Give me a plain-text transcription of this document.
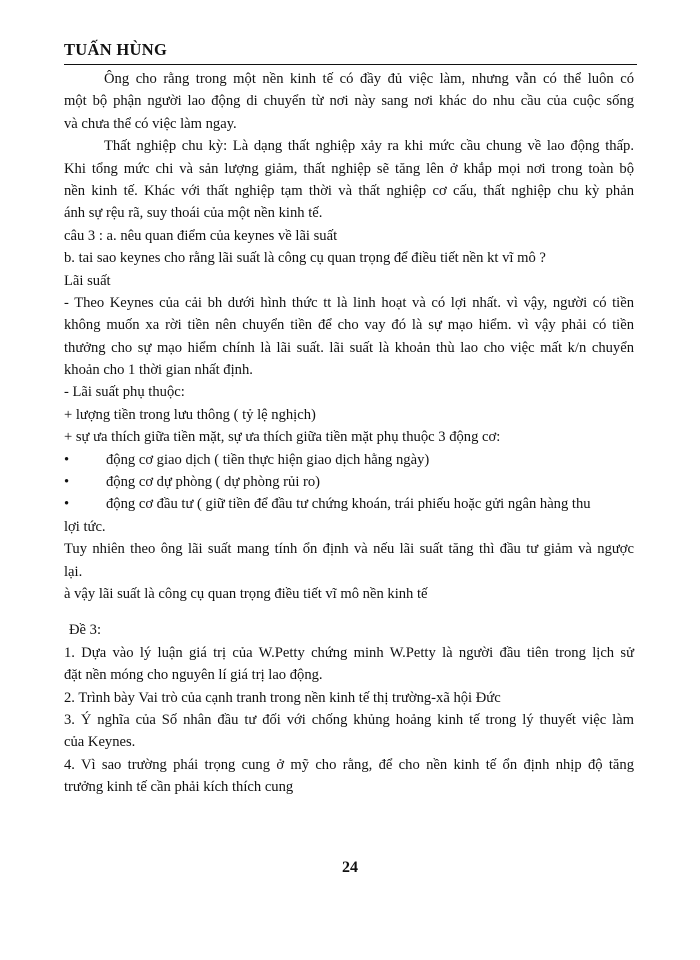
TUẤN HÙNG
Ông cho rằng trong một nền kinh tế có đầy đủ việc làm, nhưng vẫn có thể luôn có
một bộ phận người lao động di chuyển từ nơi này sang nơi khác do nhu cầu của cuộc sống
và chưa thể có việc làm ngay.
Thất nghiệp chu kỳ: Là dạng thất nghiệp xảy ra khi mức cầu chung về lao động thấp.
Khi tổng mức chi và sản lượng giảm, thất nghiệp sẽ tăng lên ở khắp mọi nơi trong toàn bộ
nền kinh tế. Khác với thất nghiệp tạm thời và thất nghiệp cơ cấu, thất nghiệp chu kỳ phản
ánh sự rệu rã, suy thoái của một nền kinh tế.
câu 3 : a. nêu quan điểm của keynes về lãi suất
b. tai sao keynes cho rằng lãi suất là công cụ quan trọng để điều tiết nền kt vĩ mô ?
Lãi suất
- Theo Keynes của cải bh dưới hình thức tt là linh hoạt và có lợi nhất. vì vậy, người có tiền
không muốn xa rời tiền nên chuyển tiền để cho vay đó là sự mạo hiểm. vì vậy phải có tiền
thưởng cho sự mạo hiểm chính là lãi suất. lãi suất là khoản thù lao cho việc mất k/n chuyển
khoản cho 1 thời gian nhất định.
- Lãi suất phụ thuộc:
+ lượng tiền trong lưu thông ( tỷ lệ nghịch)
+ sự ưa thích giữa tiền mặt, sự ưa thích giữa tiền mặt phụ thuộc 3 động cơ:
•	động cơ giao dịch ( tiền thực hiện giao dịch hằng ngày)
•	động cơ dự phòng ( dự phòng rủi ro)
•	động cơ đầu tư ( giữ tiền để đầu tư chứng khoán, trái phiếu hoặc gửi ngân hàng thu
lợi tức.
Tuy nhiên theo ông lãi suất mang tính ổn định và nếu lãi suất tăng thì đầu tư giảm và ngược
lại.
à vậy lãi suất là công cụ quan trọng điều tiết vĩ mô nền kinh tế
Đề 3:
1. Dựa vào lý luận giá trị của W.Petty chứng minh W.Petty là người đầu tiên trong lịch sử
đặt nền móng cho nguyên lí giá trị lao động.
2. Trình bày Vai trò của cạnh tranh trong nền kinh tế thị trường-xã hội Đức
3. Ý nghĩa của Số nhân đầu tư đối với chống khủng hoảng kinh tế trong lý thuyết việc làm
của Keynes.
4. Vì sao trường phái trọng cung ở mỹ cho rằng, để cho nền kinh tế ổn định nhịp độ tăng
trưởng kinh tế cần phải kích thích cung
24
